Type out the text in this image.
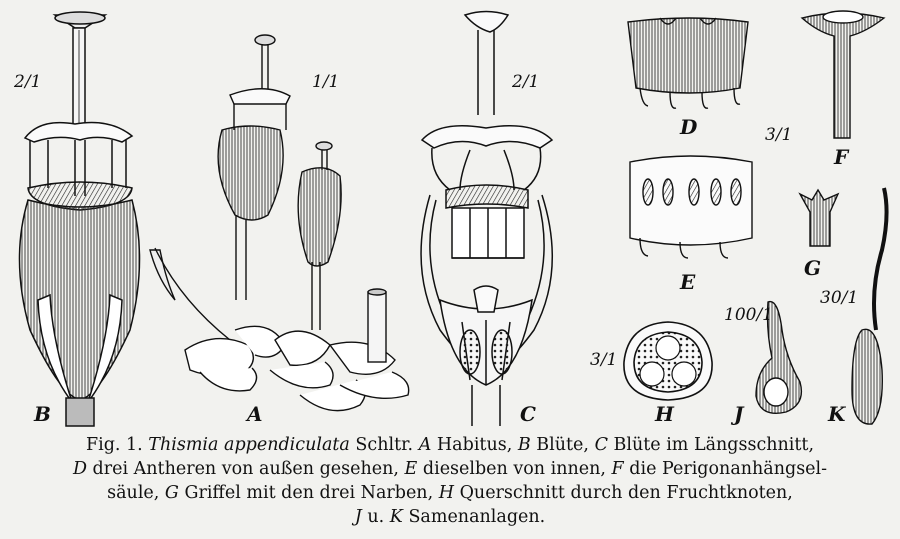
B	A	C
D
E
F
G
H	J	K
2/1	1/1	2/1
3/1
3/1
100/1
30/1
Fig. 1. Thismia appendiculata Schltr. A Habitus, B Blüte, C Blüte im Längsschnitt,
D drei Antheren von außen gesehen, E dieselben von innen, F die Perigonanhängsel-
säule, G Griffel mit den drei Narben, H Querschnitt durch den Fruchtknoten,
J u. K Samenanlagen.
